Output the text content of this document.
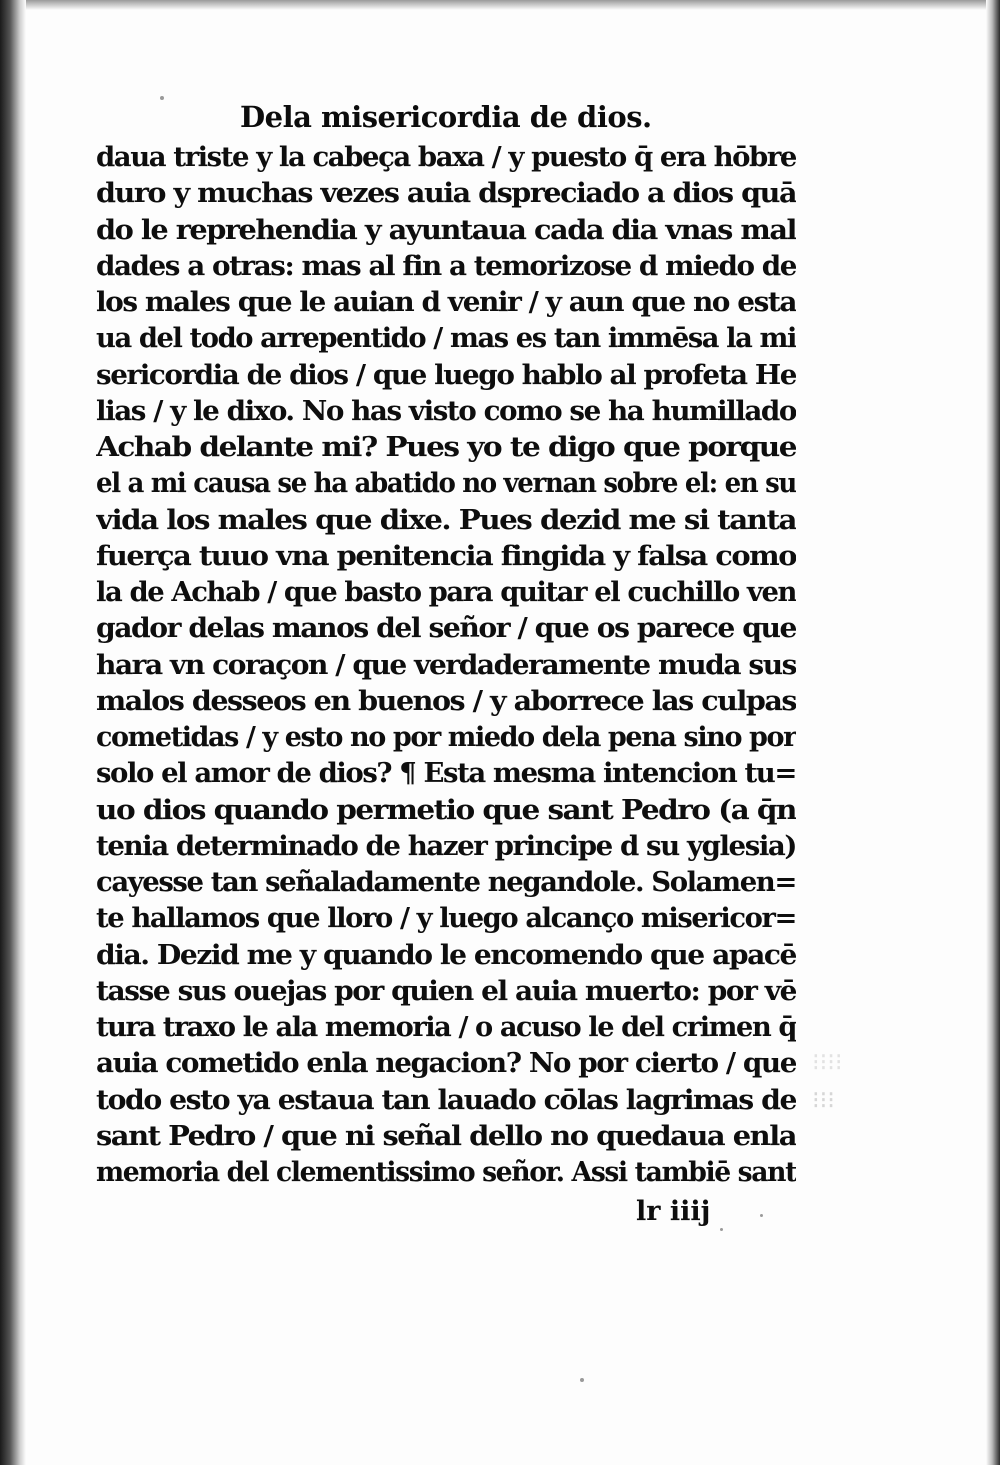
Dela misericordia de dios.
daua triste y la cabeça baxa / y puesto q̄ era hōbre
duro y muchas vezes auia dspreciado a dios quā
do le reprehendia y ayuntaua cada dia vnas mal
dades a otras: mas al fin a temorizose d miedo de
los males que le auian d venir / y aun que no esta
ua del todo arrepentido / mas es tan immēsa la mi
sericordia de dios / que luego hablo al profeta He
lias / y le dixo. No has visto como se ha humillado
Achab delante mi? Pues yo te digo que porque
el a mi causa se ha abatido no vernan sobre el: en su
vida los males que dixe. Pues dezid me si tanta
fuerça tuuo vna penitencia fingida y falsa como
la de Achab / que basto para quitar el cuchillo ven
gador delas manos del señor / que os parece que
hara vn coraçon / que verdaderamente muda sus
malos desseos en buenos / y aborrece las culpas
cometidas / y esto no por miedo dela pena sino por
solo el amor de dios? ¶ Esta mesma intencion tu=
uo dios quando permetio que sant Pedro (a q̄n
tenia determinado de hazer principe d su yglesia)
cayesse tan señaladamente negandole. Solamen=
te hallamos que lloro / y luego alcanço misericor=
dia. Dezid me y quando le encomendo que apacē
tasse sus ouejas por quien el auia muerto: por vē
tura traxo le ala memoria / o acuso le del crimen q̄
auia cometido enla negacion? No por cierto / que
todo esto ya estaua tan lauado cōlas lagrimas de
sant Pedro / que ni señal dello no quedaua enla
memoria del clementissimo señor. Assi tambiē sant
lr iiij
⁝⁝⁝⁝
⁝⁝⁝
